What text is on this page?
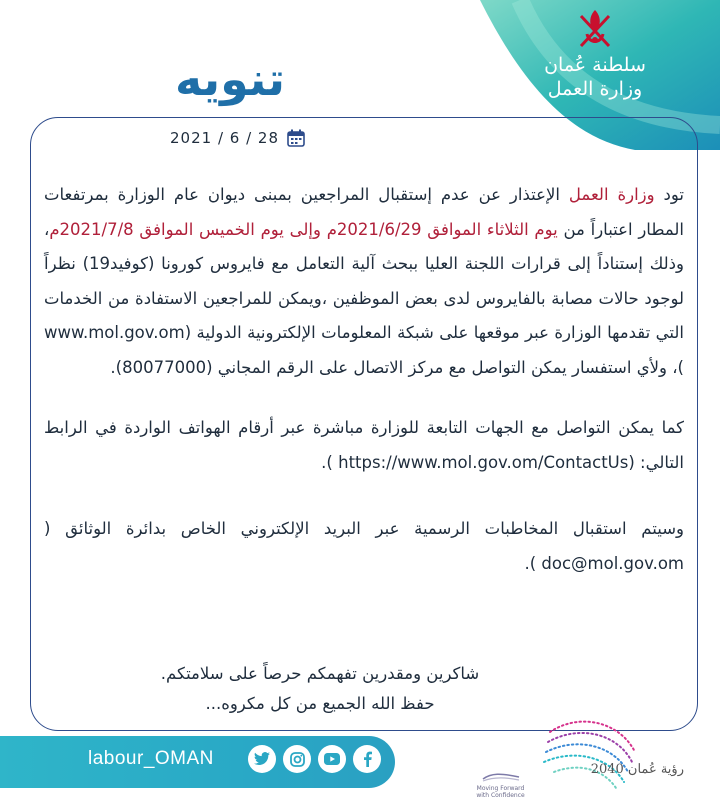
سلطنة عُمان
وزارة العمل
تنويه
2021 / 6 / 28

تود وزارة العمل الإعتذار عن عدم إستقبال المراجعين بمبنى ديوان عام الوزارة بمرتفعات المطار اعتباراً من يوم الثلاثاء الموافق 2021/6/29م وإلى يوم الخميس الموافق 2021/7/8م، وذلك إستناداً إلى قرارات اللجنة العليا ببحث آلية التعامل مع فايروس كورونا (كوفيد19) نظراً لوجود حالات مصابة بالفايروس لدى بعض الموظفين ،ويمكن للمراجعين الاستفادة من الخدمات التي تقدمها الوزارة عبر موقعها على شبكة المعلومات الإلكترونية الدولية (www.mol.gov.om )، ولأي استفسار يمكن التواصل مع مركز الاتصال على الرقم المجاني (80077000).

كما يمكن التواصل مع الجهات التابعة للوزارة مباشرة عبر أرقام الهواتف الواردة في الرابط التالي: (https://www.mol.gov.om/ContactUs ).

وسيتم استقبال المخاطبات الرسمية عبر البريد الإلكتروني الخاص بدائرة الوثائق ( doc@mol.gov.om ).

شاكرين ومقدرين تفهمكم حرصاً على سلامتكم.
حفظ الله الجميع من كل مكروه...
labour_OMAN
Moving Forward with Confidence
رؤية عُمان 2040
